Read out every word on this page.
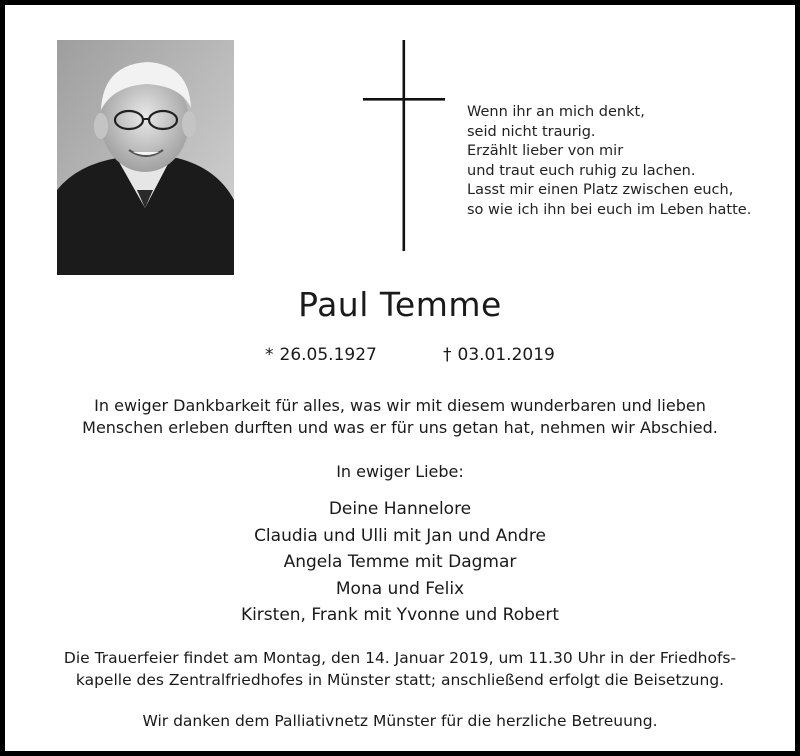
Wenn ihr an mich denkt,
seid nicht traurig.
Erzählt lieber von mir
und traut euch ruhig zu lachen.
Lasst mir einen Platz zwischen euch,
so wie ich ihn bei euch im Leben hatte.
Paul Temme
* 26.05.1927	† 03.01.2019
In ewiger Dankbarkeit für alles, was wir mit diesem wunderbaren und lieben
Menschen erleben durften und was er für uns getan hat, nehmen wir Abschied.
In ewiger Liebe:
Deine Hannelore
Claudia und Ulli mit Jan und Andre
Angela Temme mit Dagmar
Mona und Felix
Kirsten, Frank mit Yvonne und Robert
Die Trauerfeier findet am Montag, den 14. Januar 2019, um 11.30 Uhr in der Friedhofs-
kapelle des Zentralfriedhofes in Münster statt; anschließend erfolgt die Beisetzung.
Wir danken dem Palliativnetz Münster für die herzliche Betreuung.
